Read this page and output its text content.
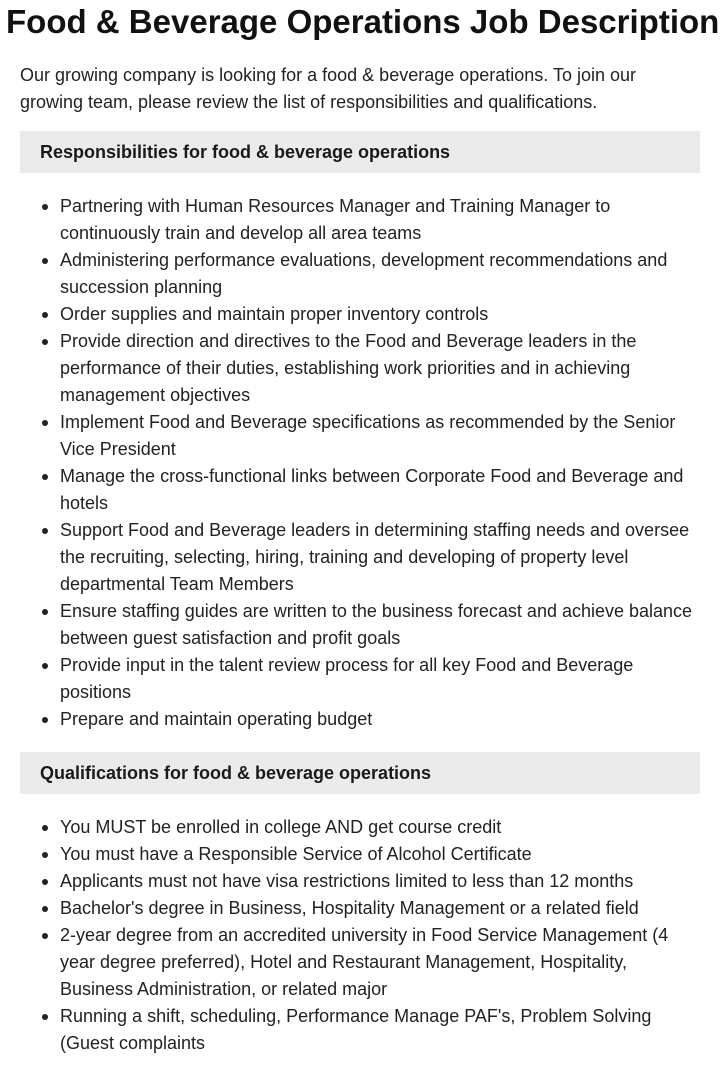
Food & Beverage Operations Job Description

Our growing company is looking for a food & beverage operations. To join our growing team, please review the list of responsibilities and qualifications.

Responsibilities for food & beverage operations
Partnering with Human Resources Manager and Training Manager to continuously train and develop all area teams
Administering performance evaluations, development recommendations and succession planning
Order supplies and maintain proper inventory controls
Provide direction and directives to the Food and Beverage leaders in the performance of their duties, establishing work priorities and in achieving management objectives
Implement Food and Beverage specifications as recommended by the Senior Vice President
Manage the cross-functional links between Corporate Food and Beverage and hotels
Support Food and Beverage leaders in determining staffing needs and oversee the recruiting, selecting, hiring, training and developing of property level departmental Team Members
Ensure staffing guides are written to the business forecast and achieve balance between guest satisfaction and profit goals
Provide input in the talent review process for all key Food and Beverage positions
Prepare and maintain operating budget
Qualifications for food & beverage operations
You MUST be enrolled in college AND get course credit
You must have a Responsible Service of Alcohol Certificate
Applicants must not have visa restrictions limited to less than 12 months
Bachelor's degree in Business, Hospitality Management or a related field
2-year degree from an accredited university in Food Service Management (4 year degree preferred), Hotel and Restaurant Management, Hospitality, Business Administration, or related major
Running a shift, scheduling, Performance Manage PAF's, Problem Solving (Guest complaints
